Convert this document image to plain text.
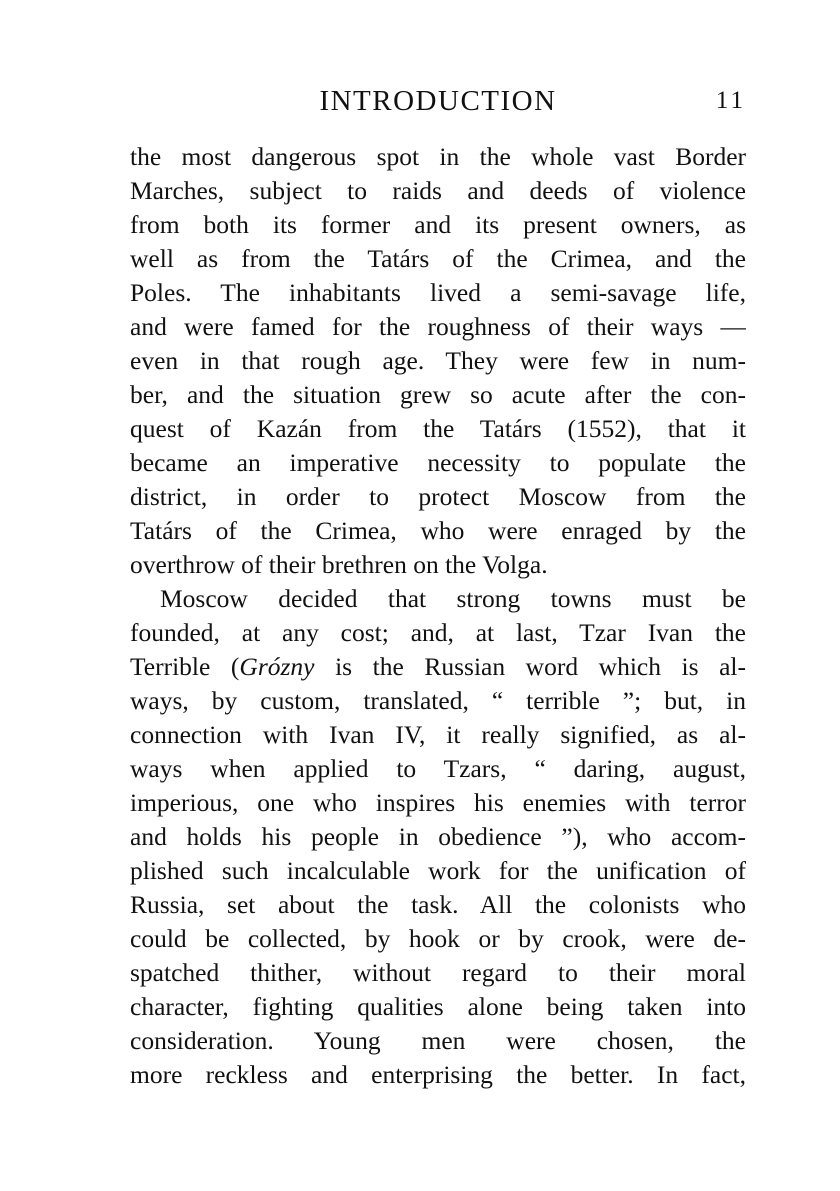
INTRODUCTION	11
the most dangerous spot in the whole vast Border
Marches, subject to raids and deeds of violence
from both its former and its present owners, as
well as from the Tatárs of the Crimea, and the
Poles. The inhabitants lived a semi-savage life,
and were famed for the roughness of their ways —
even in that rough age. They were few in num-
ber, and the situation grew so acute after the con-
quest of Kazán from the Tatárs (1552), that it
became an imperative necessity to populate the
district, in order to protect Moscow from the
Tatárs of the Crimea, who were enraged by the
overthrow of their brethren on the Volga.
Moscow decided that strong towns must be
founded, at any cost; and, at last, Tzar Ivan the
Terrible (Grózny is the Russian word which is al-
ways, by custom, translated, “ terrible ”; but, in
connection with Ivan IV, it really signified, as al-
ways when applied to Tzars, “ daring, august,
imperious, one who inspires his enemies with terror
and holds his people in obedience ”), who accom-
plished such incalculable work for the unification of
Russia, set about the task. All the colonists who
could be collected, by hook or by crook, were de-
spatched thither, without regard to their moral
character, fighting qualities alone being taken into
consideration. Young men were chosen, the
more reckless and enterprising the better. In fact,
